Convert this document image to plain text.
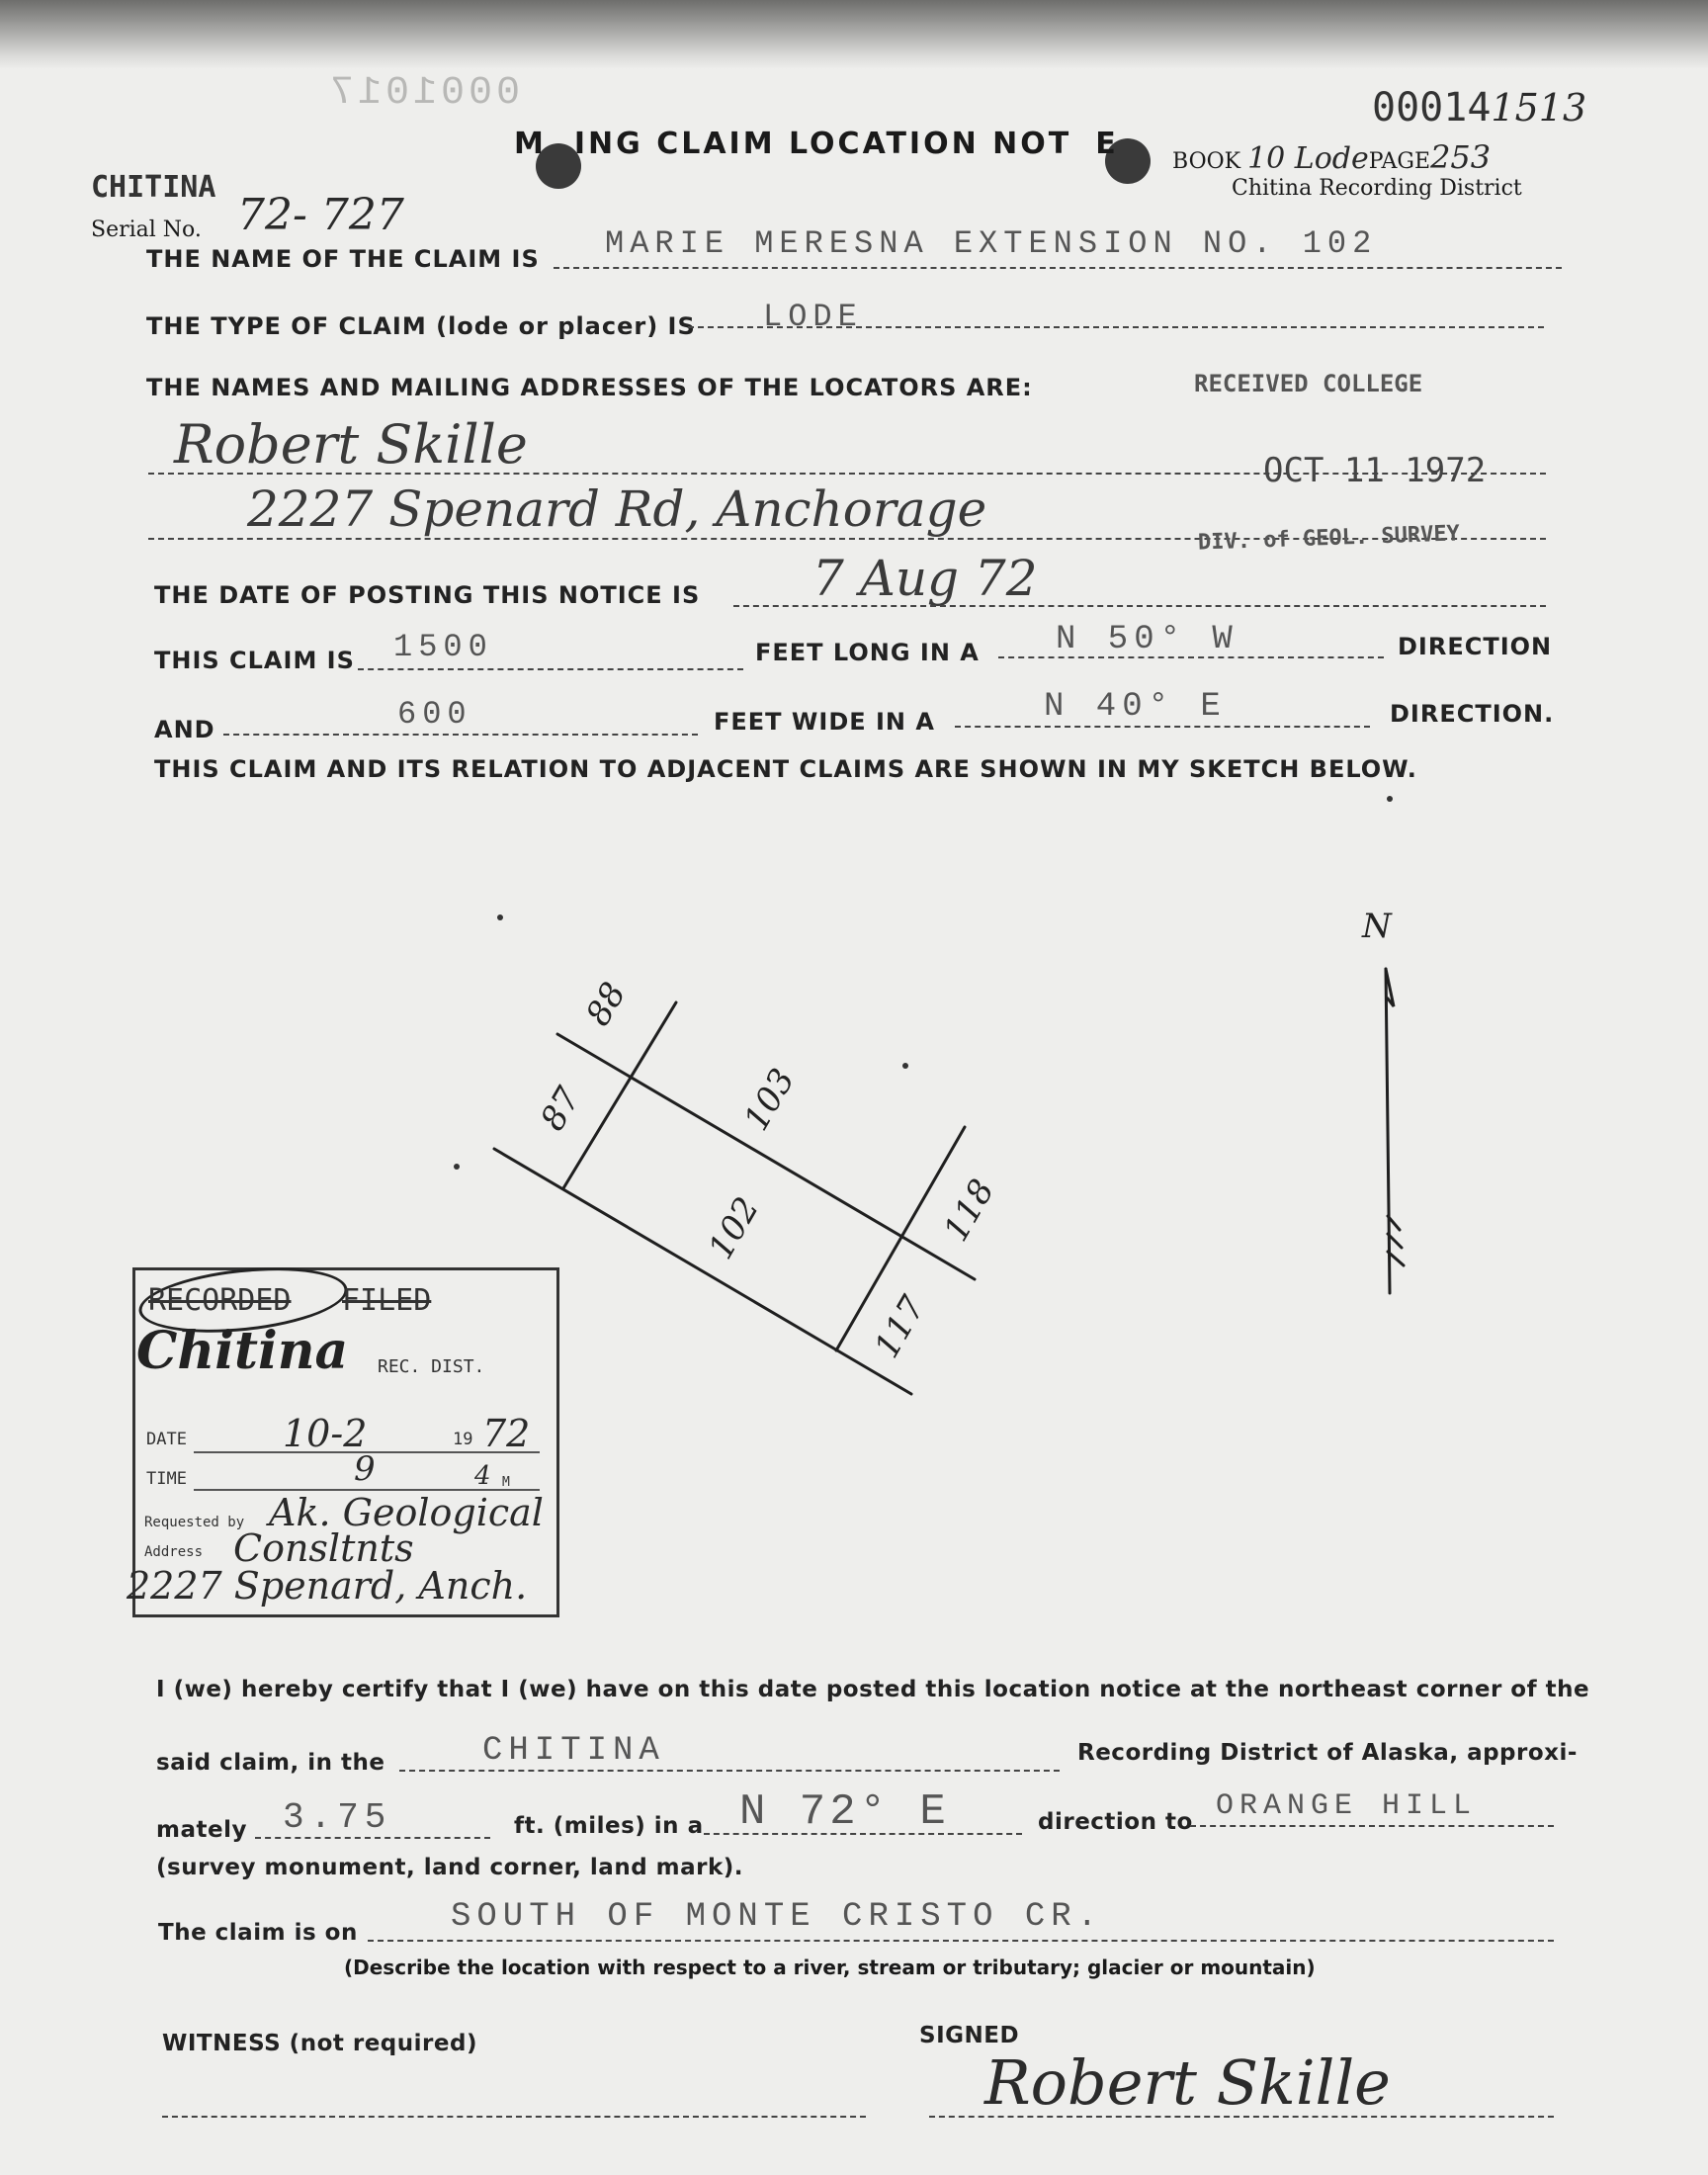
0001017	000141513
M ING CLAIM LOCATION NOT E
BOOK 10 LodePAGE253
Chitina Recording District
CHITINA
Serial No. 72- 727
THE NAME OF THE CLAIM IS MARIE MERESNA EXTENSION NO. 102
THE TYPE OF CLAIM (lode or placer) IS LODE
THE NAMES AND MAILING ADDRESSES OF THE LOCATORS ARE:
Robert Skille
2227 Spenard Rd, Anchorage
RECEIVED COLLEGE
OCT 11 1972
DIV. of GEOL. SURVEY
THE DATE OF POSTING THIS NOTICE IS 7 Aug 72
THIS CLAIM IS 1500	FEET LONG IN A N 50° W	DIRECTION
AND	600	FEET WIDE IN A	N 40° E	DIRECTION.
THIS CLAIM AND ITS RELATION TO ADJACENT CLAIMS ARE SHOWN IN MY SKETCH BELOW.
N
88
87	103
102	118
117
RECORDED FILED
Chitina REC. DIST.
DATE	10-2	19 72
TIME	9	4 M
Requested by Ak. Geological
Address Consltnts
2227 Spenard, Anch.
I (we) hereby certify that I (we) have on this date posted this location notice at the northeast corner of the
said claim, in the	CHITINA	Recording District of Alaska, approxi-
mately 3.75	ft. (miles) in a N 72° E	direction to ORANGE HILL
(survey monument, land corner, land mark).
The claim is on	SOUTH OF MONTE CRISTO CR.
(Describe the location with respect to a river, stream or tributary; glacier or mountain)
WITNESS (not required)	SIGNED
Robert Skille
